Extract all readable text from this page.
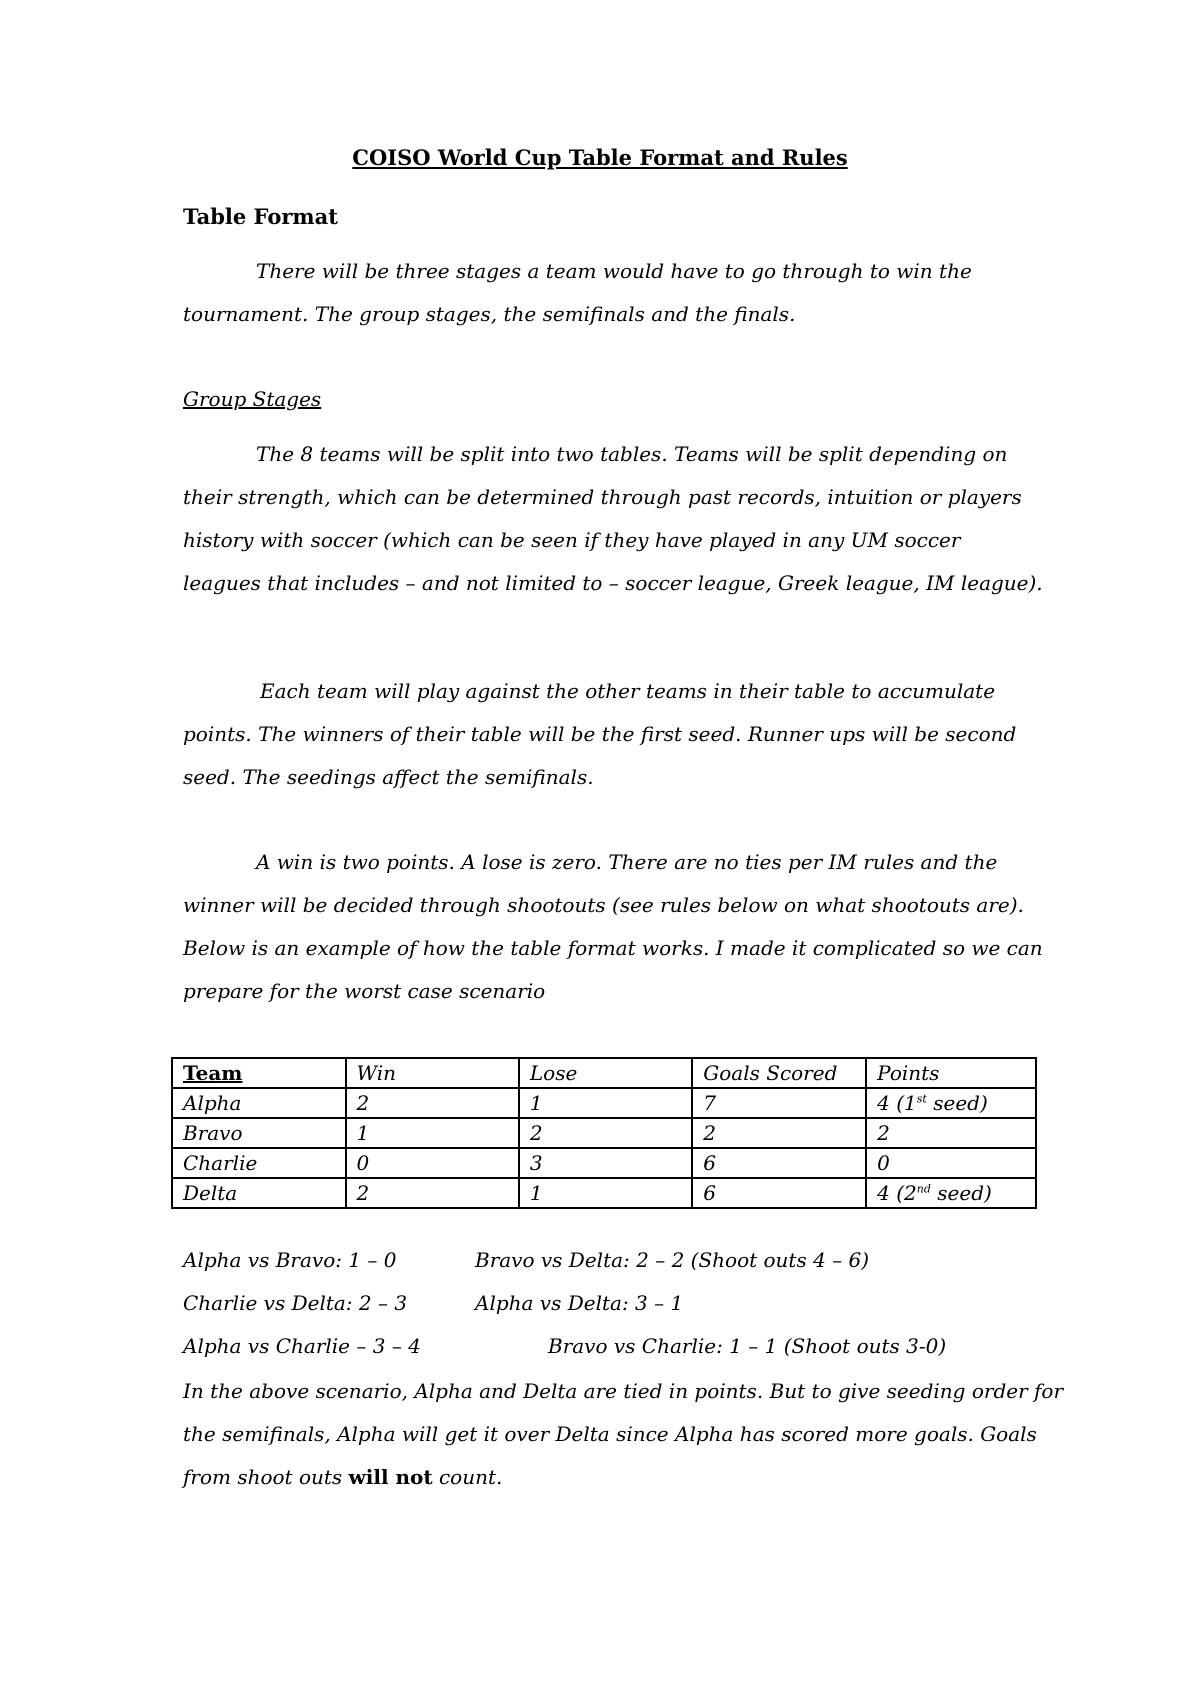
COISO World Cup Table Format and Rules
Table Format
There will be three stages a team would have to go through to win the tournament. The group stages, the semifinals and the finals.
Group Stages
The 8 teams will be split into two tables. Teams will be split depending on their strength, which can be determined through past records, intuition or players history with soccer (which can be seen if they have played in any UM soccer leagues that includes – and not limited to – soccer league, Greek league, IM league).
Each team will play against the other teams in their table to accumulate points. The winners of their table will be the first seed. Runner ups will be second seed. The seedings affect the semifinals.
A win is two points. A lose is zero. There are no ties per IM rules and the winner will be decided through shootouts (see rules below on what shootouts are). Below is an example of how the table format works. I made it complicated so we can prepare for the worst case scenario
Team	Win	Lose	Goals Scored	Points
Alpha	2	1	7	4 (1st seed)
Bravo	1	2	2	2
Charlie	0	3	6	0
Delta	2	1	6	4 (2nd seed)
Alpha vs Bravo: 1 – 0	Bravo vs Delta: 2 – 2 (Shoot outs 4 – 6)
Charlie vs Delta: 2 – 3	Alpha vs Delta: 3 – 1
Alpha vs Charlie – 3 – 4	Bravo vs Charlie: 1 – 1 (Shoot outs 3-0)
In the above scenario, Alpha and Delta are tied in points. But to give seeding order for the semifinals, Alpha will get it over Delta since Alpha has scored more goals. Goals from shoot outs will not count.
